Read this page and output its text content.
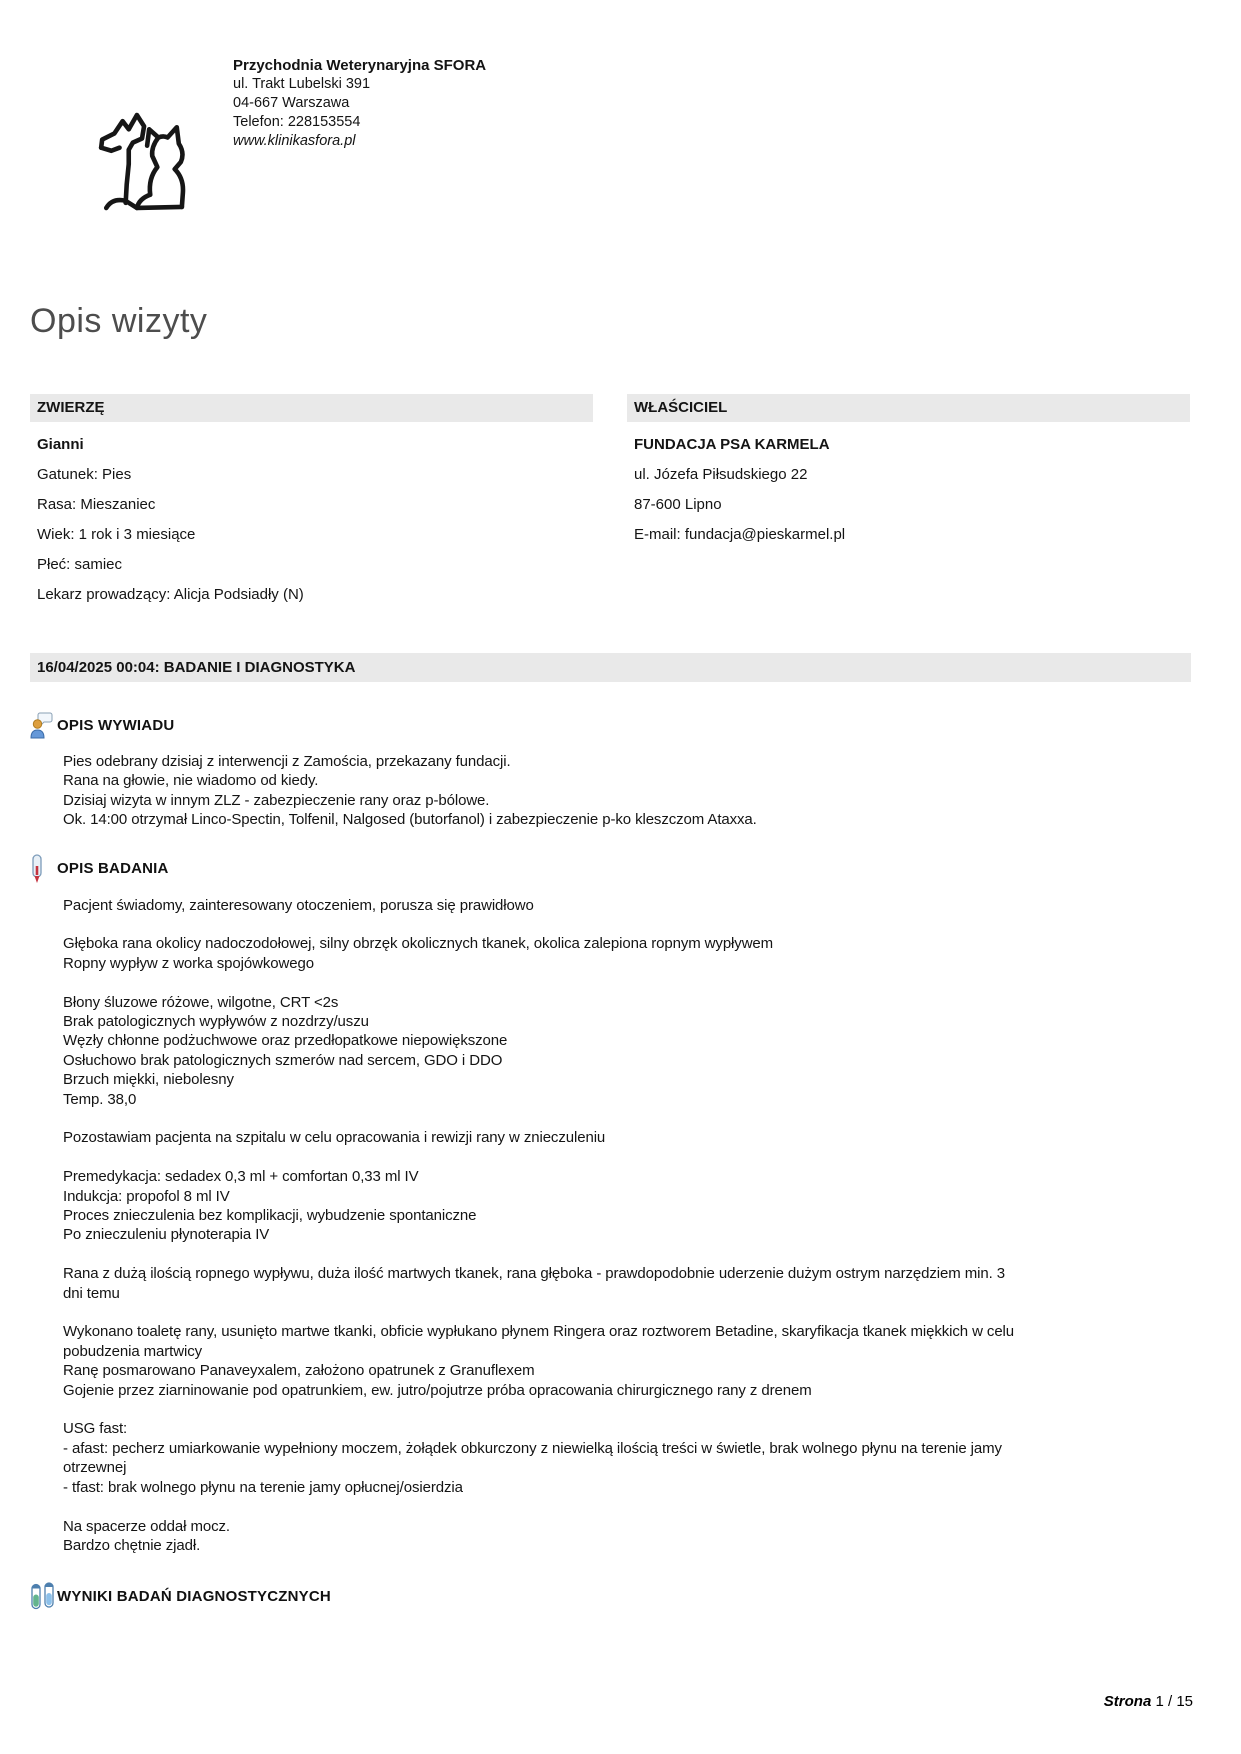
Przychodnia Weterynaryjna SFORA
ul. Trakt Lubelski 391
04-667 Warszawa
Telefon: 228153554
www.klinikasfora.pl
Opis wizyty
ZWIERZĘ
Gianni
Gatunek: Pies
Rasa: Mieszaniec
Wiek: 1 rok i 3 miesiące
Płeć: samiec
Lekarz prowadzący: Alicja Podsiadły (N)
WŁAŚCICIEL
FUNDACJA PSA KARMELA
ul. Józefa Piłsudskiego 22
87-600 Lipno
E-mail: fundacja@pieskarmel.pl
16/04/2025 00:04: BADANIE I DIAGNOSTYKA
OPIS WYWIADU
Pies odebrany dzisiaj z interwencji z Zamościa, przekazany fundacji.
Rana na głowie, nie wiadomo od kiedy.
Dzisiaj wizyta w innym ZLZ - zabezpieczenie rany oraz p-bólowe.
Ok. 14:00 otrzymał Linco-Spectin, Tolfenil, Nalgosed (butorfanol) i zabezpieczenie p-ko kleszczom Ataxxa.
OPIS BADANIA
Pacjent świadomy, zainteresowany otoczeniem, porusza się prawidłowo
Głęboka rana okolicy nadoczodołowej, silny obrzęk okolicznych tkanek, okolica zalepiona ropnym wypływem
Ropny wypływ z worka spojówkowego
Błony śluzowe różowe, wilgotne, CRT <2s
Brak patologicznych wypływów z nozdrzy/uszu
Węzły chłonne podżuchwowe oraz przedłopatkowe niepowiększone
Osłuchowo brak patologicznych szmerów nad sercem, GDO i DDO
Brzuch miękki, niebolesny
Temp. 38,0
Pozostawiam pacjenta na szpitalu w celu opracowania i rewizji rany w znieczuleniu
Premedykacja: sedadex 0,3 ml + comfortan 0,33 ml IV
Indukcja: propofol 8 ml IV
Proces znieczulenia bez komplikacji, wybudzenie spontaniczne
Po znieczuleniu płynoterapia IV
Rana z dużą ilością ropnego wypływu, duża ilość martwych tkanek, rana głęboka - prawdopodobnie uderzenie dużym ostrym narzędziem min. 3
dni temu
Wykonano toaletę rany, usunięto martwe tkanki, obficie wypłukano płynem Ringera oraz roztworem Betadine, skaryfikacja tkanek miękkich w celu
pobudzenia martwicy
Ranę posmarowano Panaveyxalem, założono opatrunek z Granuflexem
Gojenie przez ziarninowanie pod opatrunkiem, ew. jutro/pojutrze próba opracowania chirurgicznego rany z drenem
USG fast:
- afast: pecherz umiarkowanie wypełniony moczem, żołądek obkurczony z niewielką ilością treści w świetle, brak wolnego płynu na terenie jamy
otrzewnej
- tfast: brak wolnego płynu na terenie jamy opłucnej/osierdzia
Na spacerze oddał mocz.
Bardzo chętnie zjadł.
WYNIKI BADAŃ DIAGNOSTYCZNYCH
Strona 1 / 15
